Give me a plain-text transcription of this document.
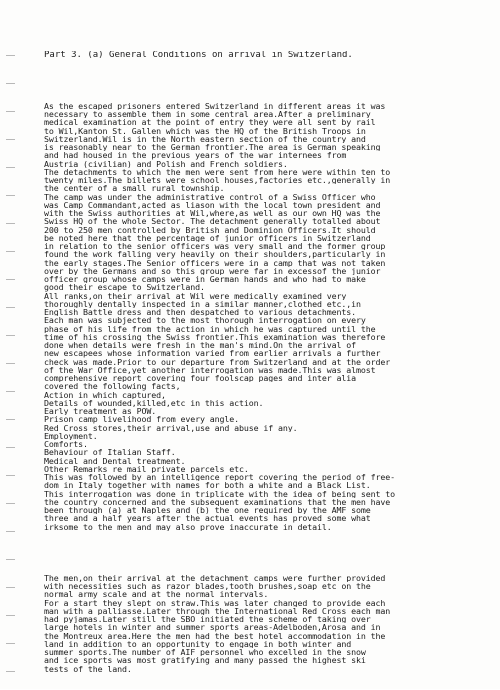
Part 3. (a) General Conditions on arrival in Switzerland.

As the escaped prisoners entered Switzerland in different areas it was
necessary to assemble them in some central area.After a preliminary
medical examination at the point of entry they were all sent by rail
to Wil,Kanton St. Gallen which was the HQ of the British Troops in
Switzerland.Wil is in the North eastern section of the country and
is reasonably near to the German frontier.The area is German speaking
and had housed in the previous years of the war internees from
Austria (civilian) and Polish and French soldiers.
The detachments to which the men were sent from here were within ten to
twenty miles.The billets were school houses,factories etc.,generally in
the center of a small rural township.
The camp was under the administrative control of a Swiss Officer who
was Camp Commandant,acted as liason with the local town president and
with the Swiss authorities at Wil,where,as well as our own HQ was the
Swiss HQ of the whole Sector. The detachment generally totalled about
200 to 250 men controlled by British and Dominion Officers.It should
be noted here that the percentage of junior officers in Switzerland
in relation to the senior officers was very small and the former group
found the work falling very heavily on their shoulders,particularly in
the early stages.The Senior officers were in a camp that was not taken
over by the Germans and so this group were far in excessof the junior
officer group whose camps were in German hands and who had to make
good their escape to Switzerland.
All ranks,on their arrival at Wil were medically examined very
thoroughly dentally inspected in a similar manner,clothed etc.,in
English Battle dress and then despatched to various detachments.
Each man was subjected to the most thorough interrogation on every
phase of his life from the action in which he was captured until the
time of his crossing the Swiss frontier.This examination was therefore
done when details were fresh in the man's mind.On the arrival of
new escapees whose information varied from earlier arrivals a further
check was made.Prior to our departure from Switzerland and at the order
of the War Office,yet another interrogation was made.This was almost
comprehensive report covering four foolscap pages and inter alia
covered the following facts,
Action in which captured,
Details of wounded,killed,etc in this action.
Early treatment as POW.
Prison camp livelihood from every angle.
Red Cross stores,their arrival,use and abuse if any.
Employment.
Comforts.
Behaviour of Italian Staff.
Medical and Dental treatment.
Other Remarks re mail private parcels etc.
This was followed by an intelligence report covering the period of free-
dom in Italy together with names for both a white and a Black List.
This interrogation was done in triplicate with the idea of being sent to
the country concerned and the subsequent examinations that the men have
been through (a) at Naples and (b) the one required by the AMF some
three and a half years after the actual events has proved some what
irksome to the men and may also prove inaccurate in detail.

The men,on their arrival at the detachment camps were further provided
with necessities such as razor blades,tooth brushes,soap etc on the
normal army scale and at the normal intervals.
For a start they slept on straw.This was later changed to provide each
man with a palliasse.Later through the International Red Cross each man
had pyjamas.Later still the SBO initiated the scheme of taking over
large hotels in winter and summer sports areas-Adelboden,Arosa and in
the Montreux area.Here the men had the best hotel accommodation in the
land in addition to an opportunity to engage in both winter and
summer sports.The number of AIF personnel who excelled in the snow
and ice sports was most gratifying and many passed the highest ski
tests of the land.
